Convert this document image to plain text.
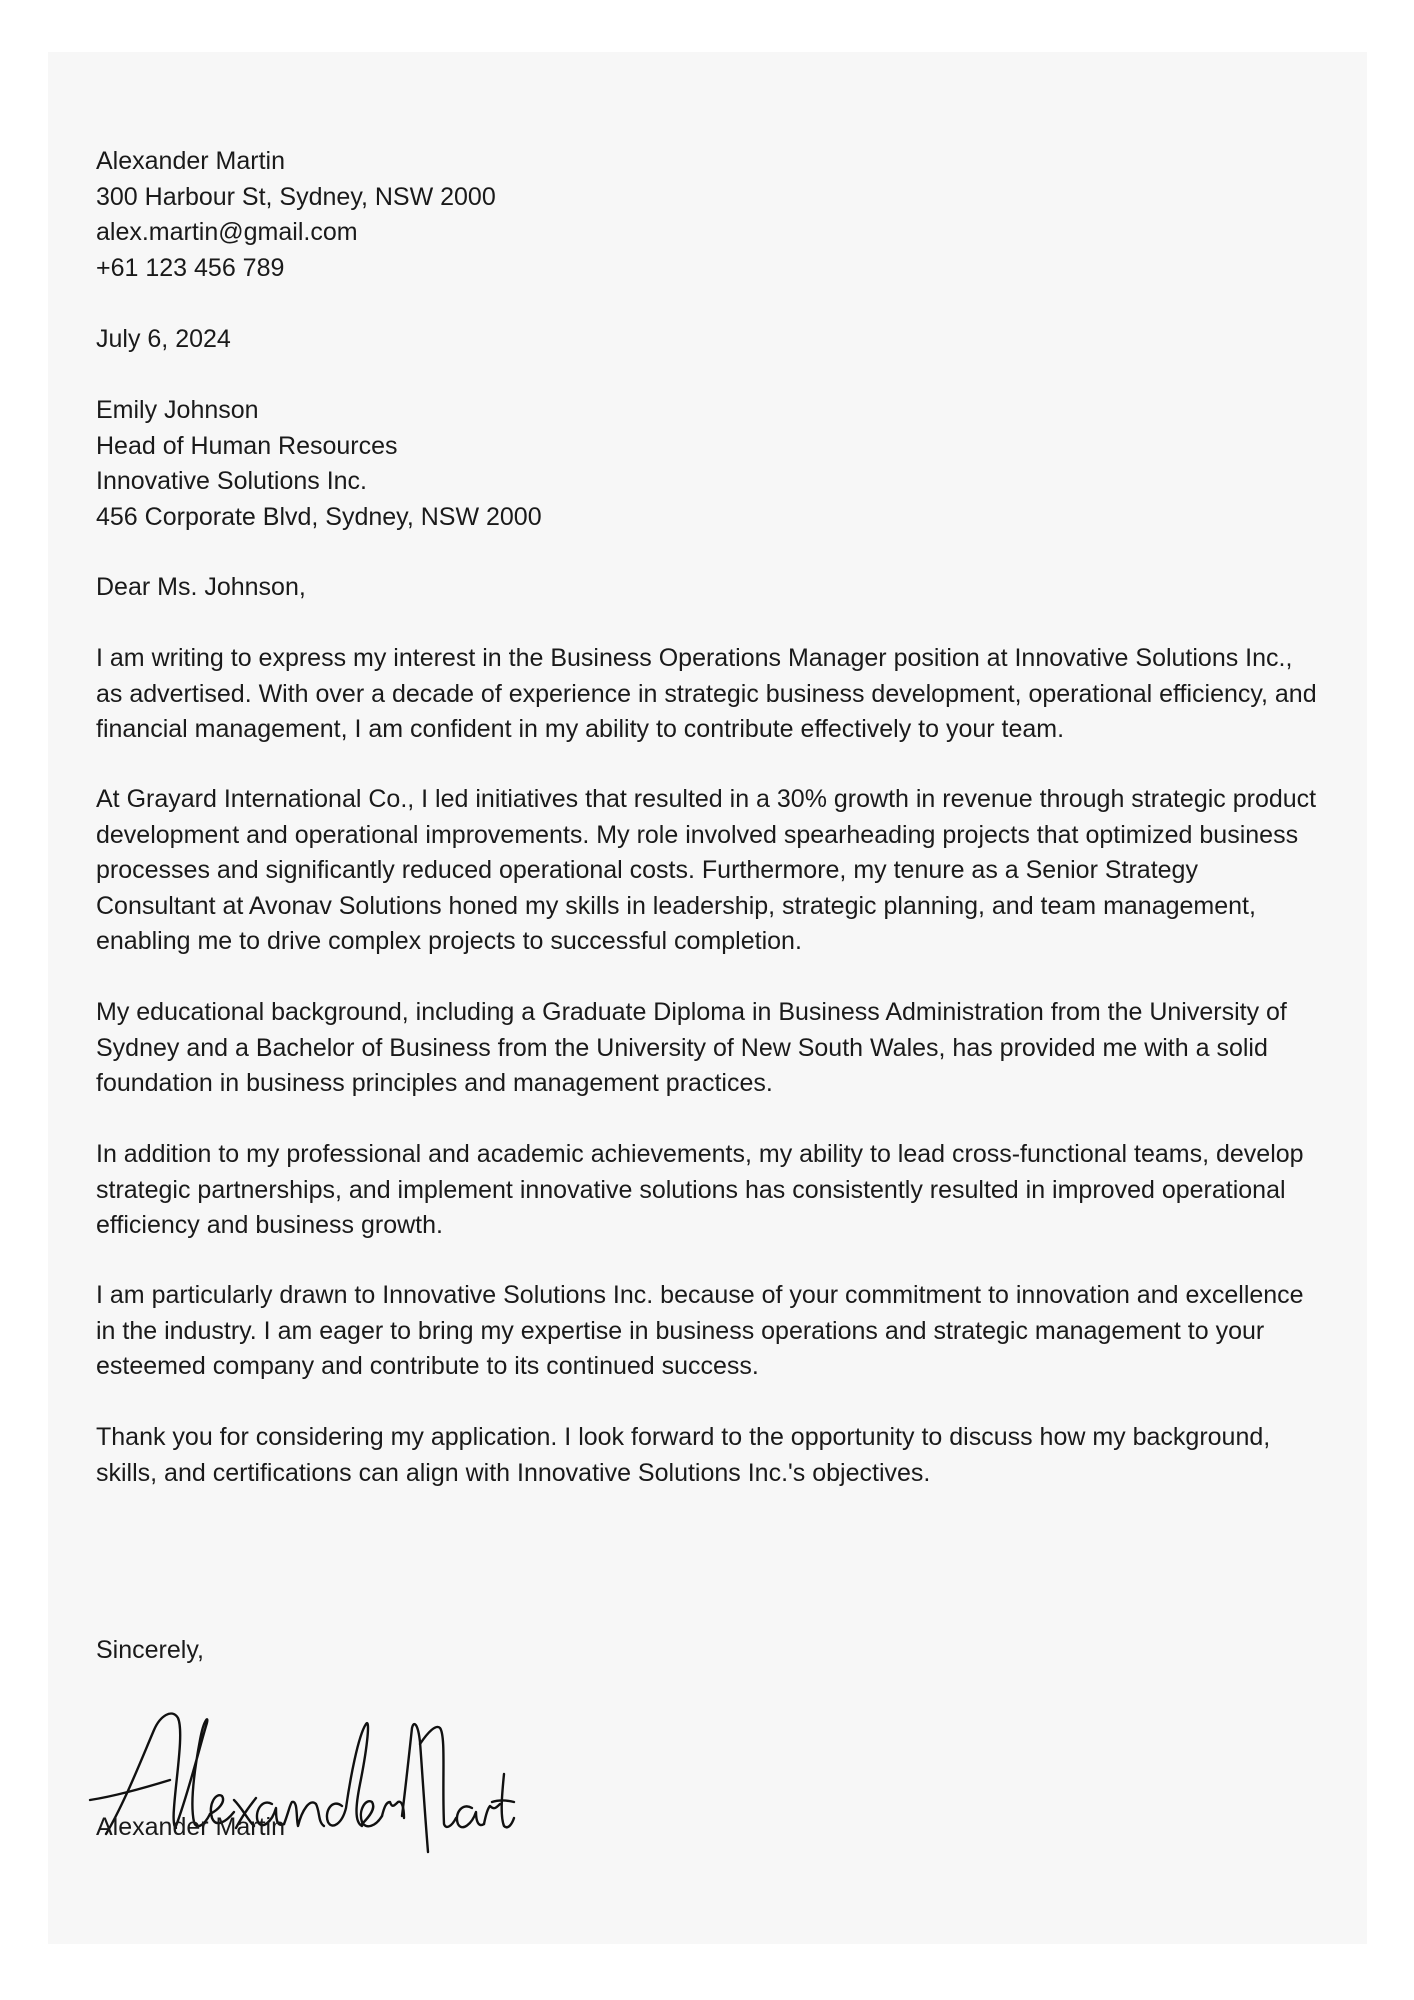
Alexander Martin
300 Harbour St, Sydney, NSW 2000
alex.martin@gmail.com
+61 123 456 789
July 6, 2024
Emily Johnson
Head of Human Resources
Innovative Solutions Inc.
456 Corporate Blvd, Sydney, NSW 2000
Dear Ms. Johnson,

I am writing to express my interest in the Business Operations Manager position at Innovative Solutions Inc., as advertised. With over a decade of experience in strategic business development, operational efficiency, and financial management, I am confident in my ability to contribute effectively to your team.

At Grayard International Co., I led initiatives that resulted in a 30% growth in revenue through strategic product development and operational improvements. My role involved spearheading projects that optimized business processes and significantly reduced operational costs. Furthermore, my tenure as a Senior Strategy Consultant at Avonav Solutions honed my skills in leadership, strategic planning, and team management, enabling me to drive complex projects to successful completion.

My educational background, including a Graduate Diploma in Business Administration from the University of Sydney and a Bachelor of Business from the University of New South Wales, has provided me with a solid foundation in business principles and management practices.

In addition to my professional and academic achievements, my ability to lead cross-functional teams, develop strategic partnerships, and implement innovative solutions has consistently resulted in improved operational efficiency and business growth.

I am particularly drawn to Innovative Solutions Inc. because of your commitment to innovation and excellence in the industry. I am eager to bring my expertise in business operations and strategic management to your esteemed company and contribute to its continued success.

Thank you for considering my application. I look forward to the opportunity to discuss how my background, skills, and certifications can align with Innovative Solutions Inc.'s objectives.

Sincerely,
Alexander Martin
